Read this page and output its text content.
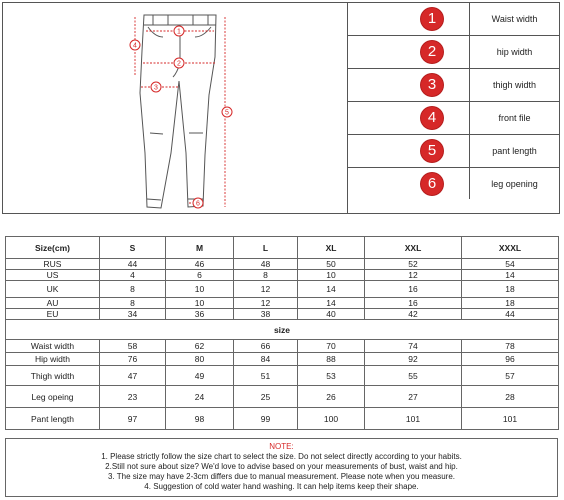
1
2
3
4
5
6
1	Waist width
2	hip width
3	thigh width
4	front file
5	pant length
6	leg opening
Size(cm)	S	M	L	XL	XXL	XXXL
RUS	44	46	48	50	52	54
US	4	6	8	10	12	14
UK	8	10	12	14	16	18
AU	8	10	12	14	16	18
EU	34	36	38	40	42	44
size						
Waist width	58	62	66	70	74	78
Hip width	76	80	84	88	92	96
Thigh width	47	49	51	53	55	57
Leg opeing	23	24	25	26	27	28
Pant length	97	98	99	100	101	101
NOTE:
1. Please strictly follow the size chart to select the size. Do not select directly according to your habits.
2.Still not sure about size? We'd love to advise based on your measurements of bust, waist and hip.
3. The size may have 2-3cm differs due to manual measurement. Please note when you measure.
4. Suggestion of cold water hand washing. It can help items keep their shape.
